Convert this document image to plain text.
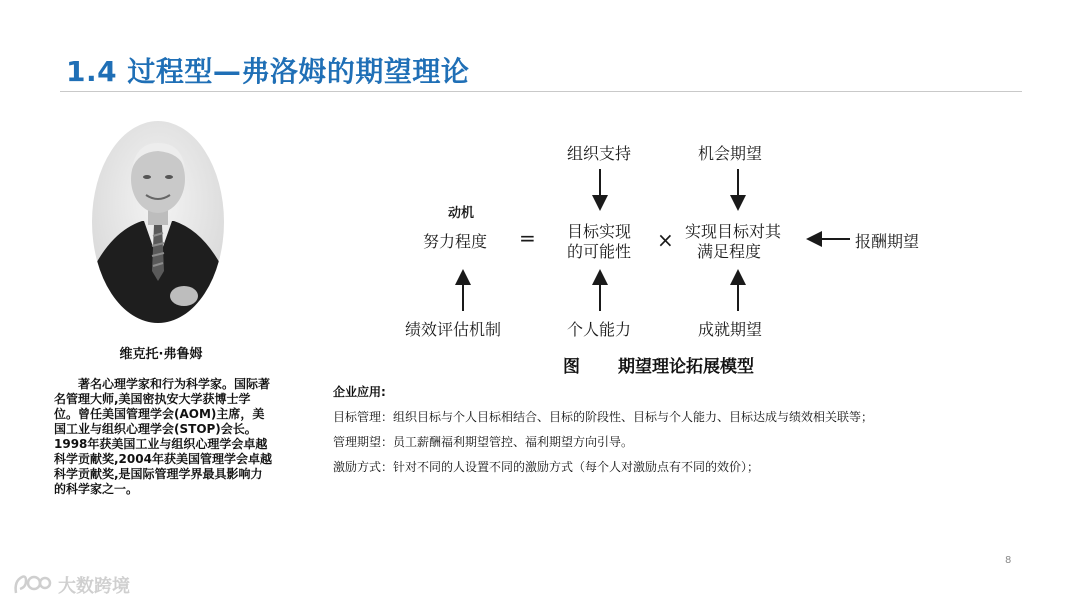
1.4 过程型—弗洛姆的期望理论
维克托·弗鲁姆

著名心理学家和行为科学家。国际著名管理大师,美国密执安大学获博士学位。曾任美国管理学会(AOM)主席，美国工业与组织心理学会(STOP)会长。1998年获美国工业与组织心理学会卓越科学贡献奖,2004年获美国管理学会卓越科学贡献奖,是国际管理学界最具影响力的科学家之一。

组织支持	机会期望
动机
努力程度 = 目标实现
的可能性 × 实现目标对其
满足程度
报酬期望
绩效评估机制	个人能力	成就期望
图 期望理论拓展模型
企业应用:
目标管理：组织目标与个人目标相结合、目标的阶段性、目标与个人能力、目标达成与绩效相关联等；
管理期望：员工薪酬福利期望管控、福利期望方向引导。
激励方式：针对不同的人设置不同的激励方式（每个人对激励点有不同的效价）；
8
大数跨境
